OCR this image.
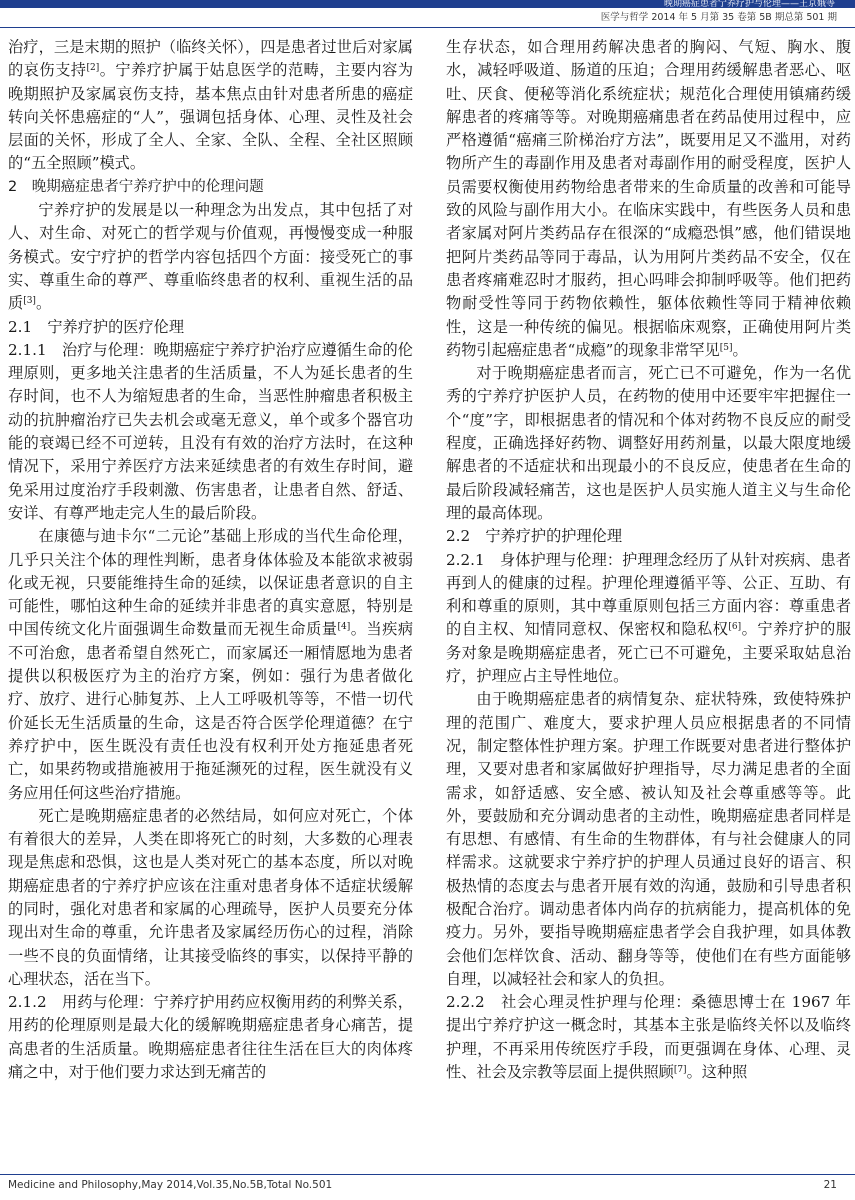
晚期癌症患者宁养疗护与伦理——王京娥等
医学与哲学 2014 年 5 月第 35 卷第 5B 期总第 501 期

治疗，三是末期的照护（临终关怀），四是患者过世后对家属的哀伤支持[2]。宁养疗护属于姑息医学的范畴，主要内容为晚期照护及家属哀伤支持，基本焦点由针对患者所患的癌症转向关怀患癌症的“人”，强调包括身体、心理、灵性及社会层面的关怀，形成了全人、全家、全队、全程、全社区照顾的“五全照顾”模式。

2　晚期癌症患者宁养疗护中的伦理问题

宁养疗护的发展是以一种理念为出发点，其中包括了对人、对生命、对死亡的哲学观与价值观，再慢慢变成一种服务模式。安宁疗护的哲学内容包括四个方面：接受死亡的事实、尊重生命的尊严、尊重临终患者的权利、重视生活的品质[3]。

2.1　宁养疗护的医疗伦理

2.1.1　治疗与伦理：晚期癌症宁养疗护治疗应遵循生命的伦理原则，更多地关注患者的生活质量，不人为延长患者的生存时间，也不人为缩短患者的生命，当恶性肿瘤患者积极主动的抗肿瘤治疗已失去机会或毫无意义，单个或多个器官功能的衰竭已经不可逆转，且没有有效的治疗方法时，在这种情况下，采用宁养医疗方法来延续患者的有效生存时间，避免采用过度治疗手段刺激、伤害患者，让患者自然、舒适、安详、有尊严地走完人生的最后阶段。

在康德与迪卡尔“二元论”基础上形成的当代生命伦理，几乎只关注个体的理性判断，患者身体体验及本能欲求被弱化或无视，只要能维持生命的延续，以保证患者意识的自主可能性，哪怕这种生命的延续并非患者的真实意愿，特别是中国传统文化片面强调生命数量而无视生命质量[4]。当疾病不可治愈，患者希望自然死亡，而家属还一厢情愿地为患者提供以积极医疗为主的治疗方案，例如：强行为患者做化疗、放疗、进行心肺复苏、上人工呼吸机等等，不惜一切代价延长无生活质量的生命，这是否符合医学伦理道德？在宁养疗护中，医生既没有责任也没有权利开处方拖延患者死亡，如果药物或措施被用于拖延濒死的过程，医生就没有义务应用任何这些治疗措施。

死亡是晚期癌症患者的必然结局，如何应对死亡，个体有着很大的差异，人类在即将死亡的时刻，大多数的心理表现是焦虑和恐惧，这也是人类对死亡的基本态度，所以对晚期癌症患者的宁养疗护应该在注重对患者身体不适症状缓解的同时，强化对患者和家属的心理疏导，医护人员要充分体现出对生命的尊重，允许患者及家属经历伤心的过程，消除一些不良的负面情绪，让其接受临终的事实，以保持平静的心理状态，活在当下。

2.1.2　用药与伦理：宁养疗护用药应权衡用药的利弊关系，用药的伦理原则是最大化的缓解晚期癌症患者身心痛苦，提高患者的生活质量。晚期癌症患者往往生活在巨大的肉体疼痛之中，对于他们要力求达到无痛苦的

生存状态，如合理用药解决患者的胸闷、气短、胸水、腹水，减轻呼吸道、肠道的压迫；合理用药缓解患者恶心、呕吐、厌食、便秘等消化系统症状；规范化合理使用镇痛药缓解患者的疼痛等等。对晚期癌痛患者在药品使用过程中，应严格遵循“癌痛三阶梯治疗方法”，既要用足又不滥用，对药物所产生的毒副作用及患者对毒副作用的耐受程度，医护人员需要权衡使用药物给患者带来的生命质量的改善和可能导致的风险与副作用大小。在临床实践中，有些医务人员和患者家属对阿片类药品存在很深的“成瘾恐惧”感，他们错误地把阿片类药品等同于毒品，认为用阿片类药品不安全，仅在患者疼痛难忍时才服药，担心吗啡会抑制呼吸等。他们把药物耐受性等同于药物依赖性，躯体依赖性等同于精神依赖性，这是一种传统的偏见。根据临床观察，正确使用阿片类药物引起癌症患者“成瘾”的现象非常罕见[5]。

对于晚期癌症患者而言，死亡已不可避免，作为一名优秀的宁养疗护医护人员，在药物的使用中还要牢牢把握住一个“度”字，即根据患者的情况和个体对药物不良反应的耐受程度，正确选择好药物、调整好用药剂量，以最大限度地缓解患者的不适症状和出现最小的不良反应，使患者在生命的最后阶段减轻痛苦，这也是医护人员实施人道主义与生命伦理的最高体现。

2.2　宁养疗护的护理伦理

2.2.1　身体护理与伦理：护理理念经历了从针对疾病、患者再到人的健康的过程。护理伦理遵循平等、公正、互助、有利和尊重的原则，其中尊重原则包括三方面内容：尊重患者的自主权、知情同意权、保密权和隐私权[6]。宁养疗护的服务对象是晚期癌症患者，死亡已不可避免，主要采取姑息治疗，护理应占主导性地位。

由于晚期癌症患者的病情复杂、症状特殊，致使特殊护理的范围广、难度大，要求护理人员应根据患者的不同情况，制定整体性护理方案。护理工作既要对患者进行整体护理，又要对患者和家属做好护理指导，尽力满足患者的全面需求，如舒适感、安全感、被认知及社会尊重感等等。此外，要鼓励和充分调动患者的主动性，晚期癌症患者同样是有思想、有感情、有生命的生物群体，有与社会健康人的同样需求。这就要求宁养疗护的护理人员通过良好的语言、积极热情的态度去与患者开展有效的沟通，鼓励和引导患者积极配合治疗。调动患者体内尚存的抗病能力，提高机体的免疫力。另外，要指导晚期癌症患者学会自我护理，如具体教会他们怎样饮食、活动、翻身等等，使他们在有些方面能够自理，以减轻社会和家人的负担。

2.2.2　社会心理灵性护理与伦理：桑德思博士在 1967 年提出宁养疗护这一概念时，其基本主张是临终关怀以及临终护理，不再采用传统医疗手段，而更强调在身体、心理、灵性、社会及宗教等层面上提供照顾[7]。这种照

Medicine and Philosophy,May 2014,Vol.35,No.5B,Total No.501	21
